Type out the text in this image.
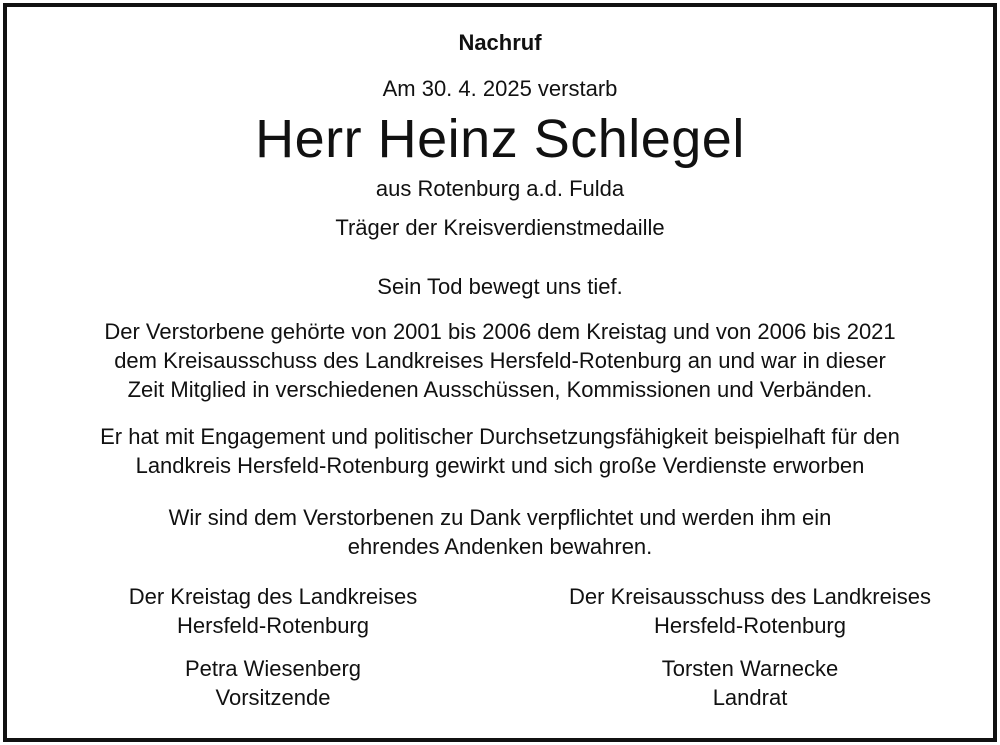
Nachruf
Am 30. 4. 2025 verstarb
Herr Heinz Schlegel
aus Rotenburg a.d. Fulda
Träger der Kreisverdienstmedaille
Sein Tod bewegt uns tief.
Der Verstorbene gehörte von 2001 bis 2006 dem Kreistag und von 2006 bis 2021
dem Kreisausschuss des Landkreises Hersfeld-Rotenburg an und war in dieser
Zeit Mitglied in verschiedenen Ausschüssen, Kommissionen und Verbänden.
Er hat mit Engagement und politischer Durchsetzungsfähigkeit beispielhaft für den
Landkreis Hersfeld-Rotenburg gewirkt und sich große Verdienste erworben
Wir sind dem Verstorbenen zu Dank verpflichtet und werden ihm ein
ehrendes Andenken bewahren.
Der Kreistag des Landkreises
Hersfeld-Rotenburg
Petra Wiesenberg
Vorsitzende
Der Kreisausschuss des Landkreises
Hersfeld-Rotenburg
Torsten Warnecke
Landrat
